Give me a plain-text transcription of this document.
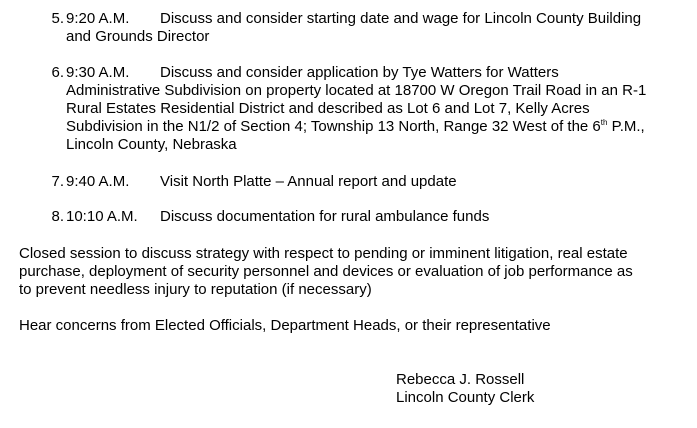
5. 9:20 A.M. Discuss and consider starting date and wage for Lincoln County Building
and Grounds Director
6. 9:30 A.M. Discuss and consider application by Tye Watters for Watters
Administrative Subdivision on property located at 18700 W Oregon Trail Road in an R-1
Rural Estates Residential District and described as Lot 6 and Lot 7, Kelly Acres
Subdivision in the N1/2 of Section 4; Township 13 North, Range 32 West of the 6th P.M.,
Lincoln County, Nebraska
7. 9:40 A.M. Visit North Platte – Annual report and update
8. 10:10 A.M. Discuss documentation for rural ambulance funds
Closed session to discuss strategy with respect to pending or imminent litigation, real estate
purchase, deployment of security personnel and devices or evaluation of job performance as
to prevent needless injury to reputation (if necessary)
Hear concerns from Elected Officials, Department Heads, or their representative
Rebecca J. Rossell
Lincoln County Clerk
